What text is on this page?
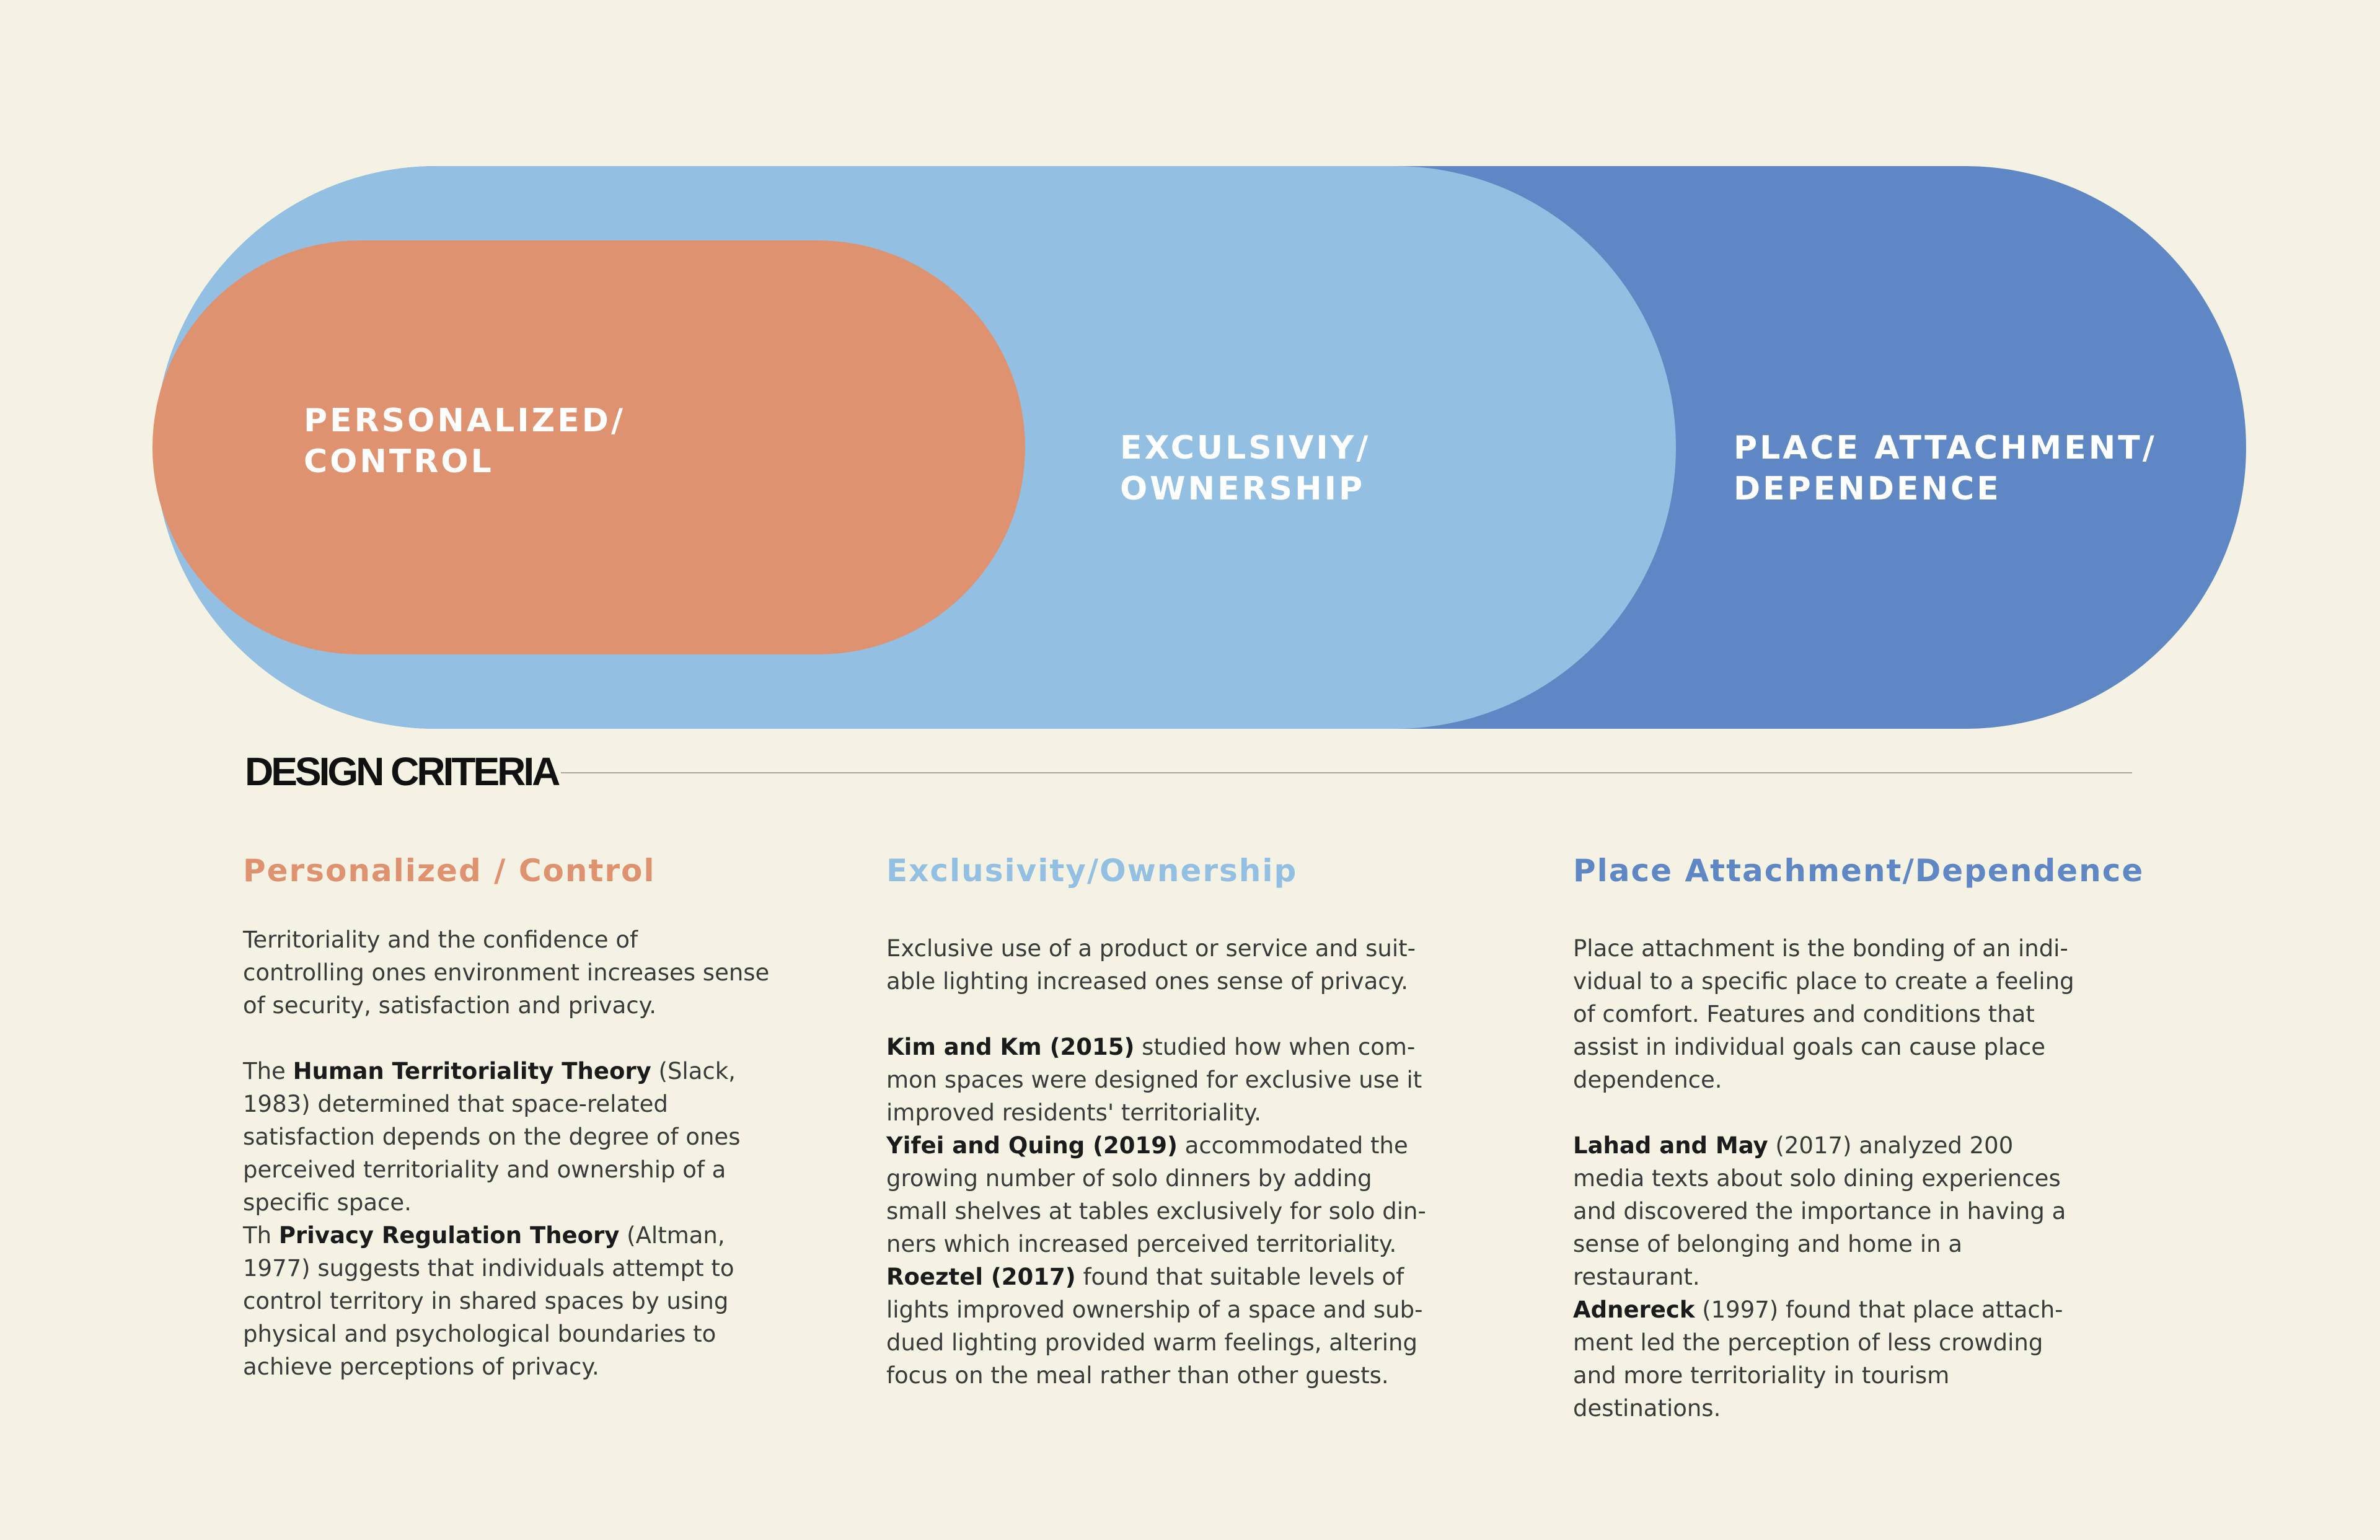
PERSONALIZED/
CONTROL	EXCULSIVIY/
OWNERSHIP
PLACE ATTACHMENT/
DEPENDENCE
DESIGN CRITERIA
Personalized / Control

Territoriality and the confidence of
controlling ones environment increases sense
of security, satisfaction and privacy.

The Human Territoriality Theory (Slack,
1983) determined that space-related
satisfaction depends on the degree of ones
perceived territoriality and ownership of a
specific space.
Th Privacy Regulation Theory (Altman,
1977) suggests that individuals attempt to
control territory in shared spaces by using
physical and psychological boundaries to
achieve perceptions of privacy.

Exclusivity/Ownership

Exclusive use of a product or service and suit-
able lighting increased ones sense of privacy.

Kim and Km (2015) studied how when com-
mon spaces were designed for exclusive use it
improved residents' territoriality.
Yifei and Quing (2019) accommodated the
growing number of solo dinners by adding
small shelves at tables exclusively for solo din-
ners which increased perceived territoriality.
Roeztel (2017) found that suitable levels of
lights improved ownership of a space and sub-
dued lighting provided warm feelings, altering
focus on the meal rather than other guests.

Place Attachment/Dependence

Place attachment is the bonding of an indi-
vidual to a specific place to create a feeling
of comfort. Features and conditions that
assist in individual goals can cause place
dependence.

Lahad and May (2017) analyzed 200
media texts about solo dining experiences
and discovered the importance in having a
sense of belonging and home in a
restaurant.
Adnereck (1997) found that place attach-
ment led the perception of less crowding
and more territoriality in tourism
destinations.
